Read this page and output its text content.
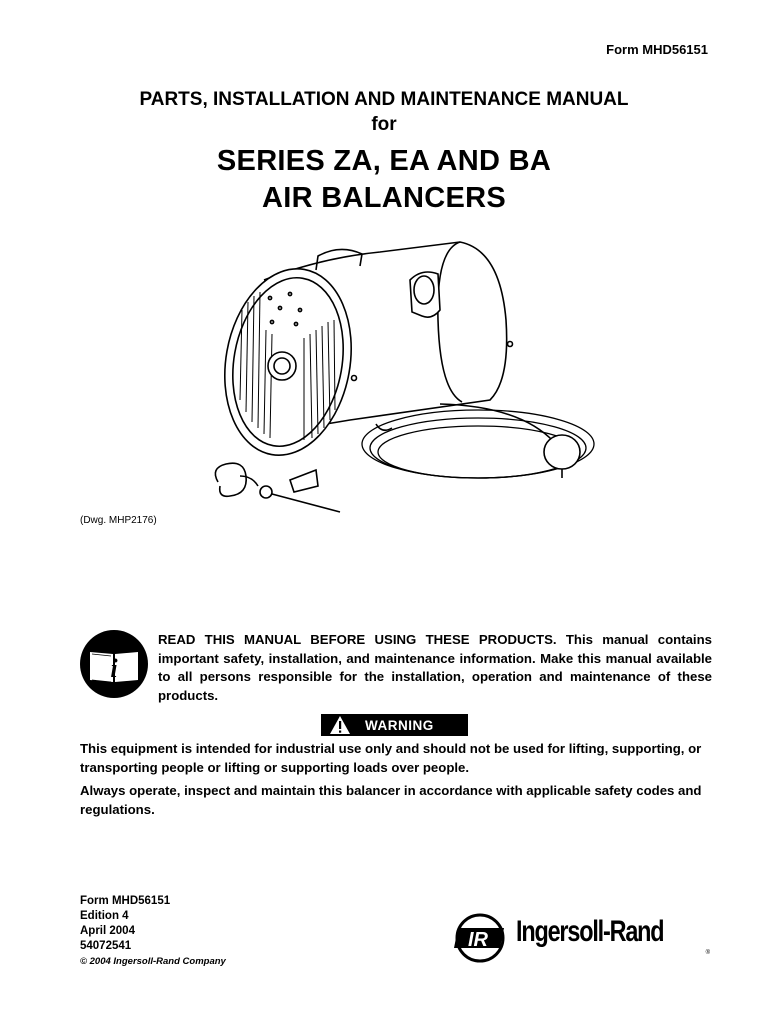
Form MHD56151
PARTS, INSTALLATION AND MAINTENANCE MANUAL
for
SERIES ZA, EA AND BA
AIR BALANCERS
(Dwg. MHP2176)
i
READ THIS MANUAL BEFORE USING THESE PRODUCTS. This manual contains important safety, installation, and maintenance information. Make this manual available to all persons responsible for the installation, operation and maintenance of these products.
WARNING
This equipment is intended for industrial use only and should not be used for lifting, supporting, or transporting people or lifting or supporting loads over people.
Always operate, inspect and maintain this balancer in accordance with applicable safety codes and regulations.
Form MHD56151
Edition 4
April 2004
54072541
© 2004 Ingersoll-Rand Company
IR
®
Ingersoll-Rand
